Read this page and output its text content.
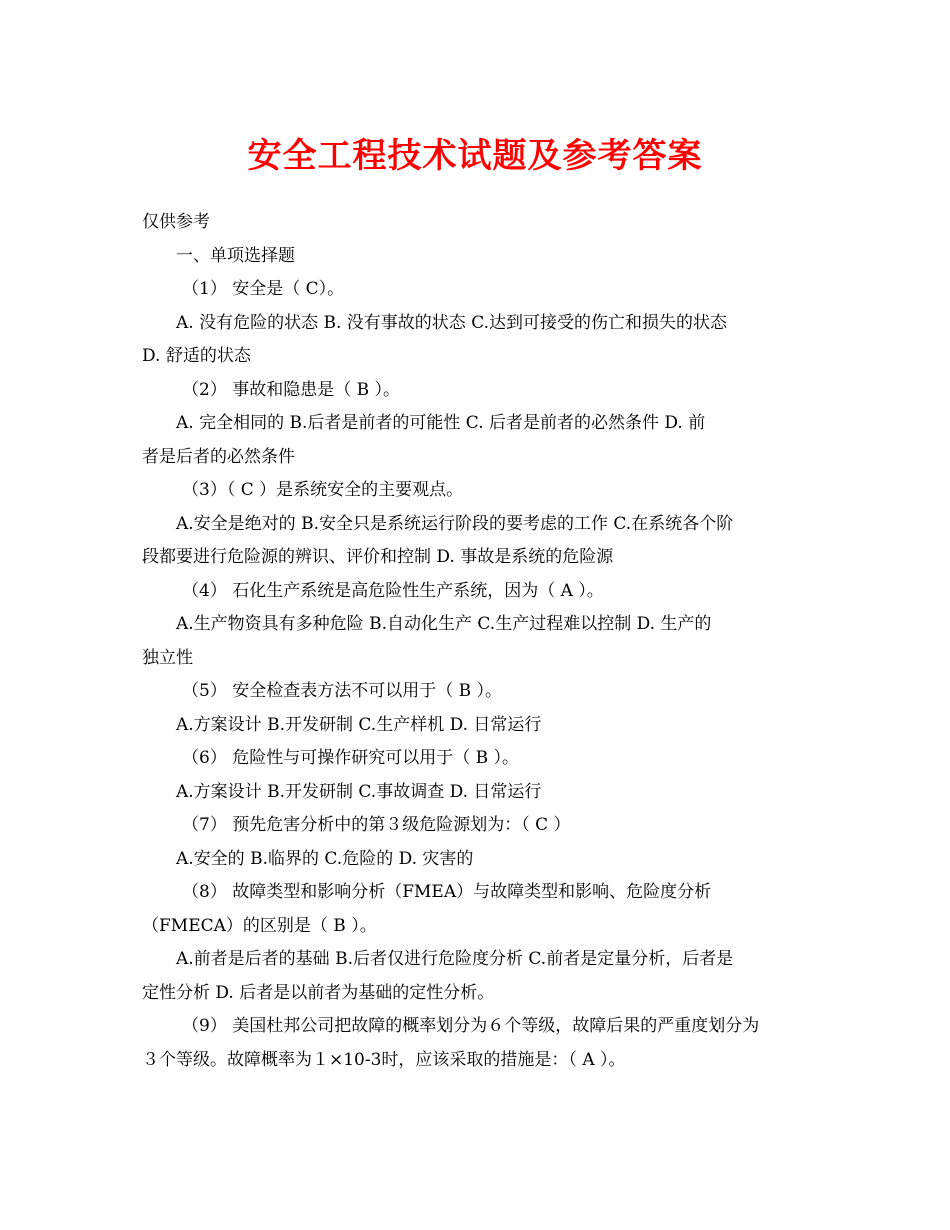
安全工程技术试题及参考答案

仅供参考

一、单项选择题

（1） 安全是（ C）。

A. 没有危险的状态 B. 没有事故的状态 C.达到可接受的伤亡和损失的状态

D. 舒适的状态

（2） 事故和隐患是（ B ）。

A. 完全相同的 B.后者是前者的可能性 C. 后者是前者的必然条件 D. 前

者是后者的必然条件

（3）（ C ）是系统安全的主要观点。

A.安全是绝对的 B.安全只是系统运行阶段的要考虑的工作 C.在系统各个阶

段都要进行危险源的辨识、评价和控制 D. 事故是系统的危险源

（4） 石化生产系统是高危险性生产系统，因为（ A ）。

A.生产物资具有多种危险 B.自动化生产 C.生产过程难以控制 D. 生产的

独立性

（5） 安全检查表方法不可以用于（ B ）。

A.方案设计 B.开发研制 C.生产样机 D. 日常运行

（6） 危险性与可操作研究可以用于（ B ）。

A.方案设计 B.开发研制 C.事故调查 D. 日常运行

（7） 预先危害分析中的第３级危险源划为：（ C ）

A.安全的 B.临界的 C.危险的 D. 灾害的

（8） 故障类型和影响分析（FMEA）与故障类型和影响、危险度分析

（FMECA）的区别是（ B ）。

A.前者是后者的基础 B.后者仅进行危险度分析 C.前者是定量分析，后者是

定性分析 D. 后者是以前者为基础的定性分析。

（9） 美国杜邦公司把故障的概率划分为６个等级，故障后果的严重度划分为

３个等级。故障概率为１×10-3时，应该采取的措施是：（ A ）。
